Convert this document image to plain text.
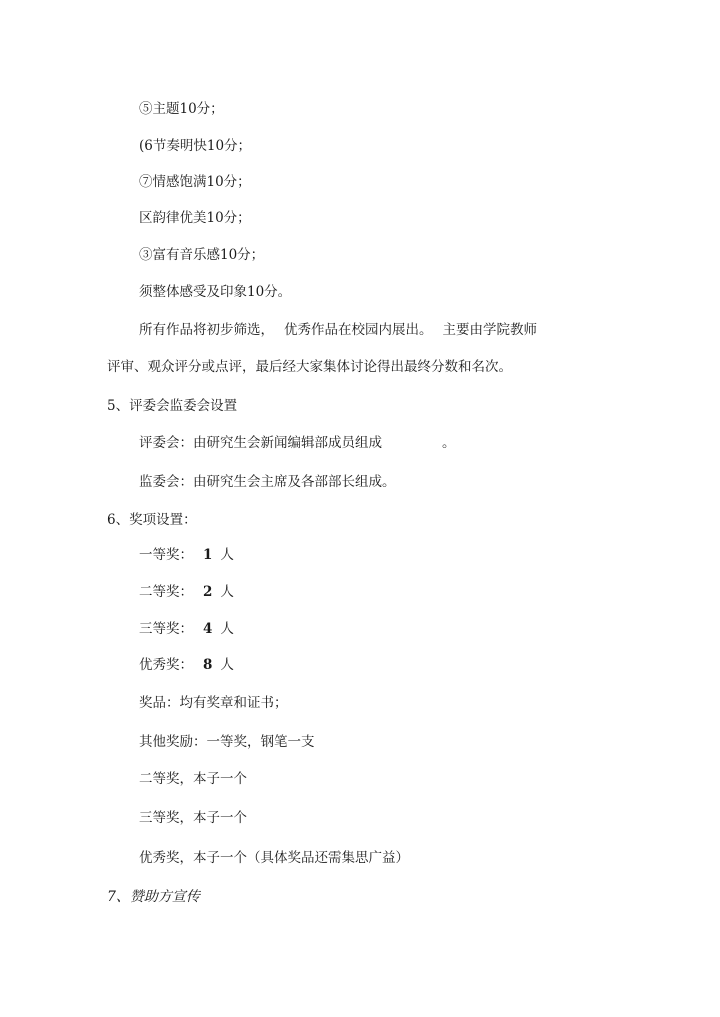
⑤主题10分；
(6节奏明快10分；
⑦情感饱满10分；
区韵律优美10分；
③富有音乐感10分；
须整体感受及印象10分。
所有作品将初步筛选， 优秀作品在校园内展出。 主要由学院教师
评审、观众评分或点评，最后经大家集体讨论得出最终分数和名次。
5、评委会监委会设置
评委会：由研究生会新闻编辑部成员组成	。
监委会：由研究生会主席及各部部长组成。
6、奖项设置：
一等奖： 1 人
二等奖： 2 人
三等奖： 4 人
优秀奖： 8 人
奖品：均有奖章和证书；
其他奖励：一等奖，钢笔一支
二等奖，本子一个
三等奖，本子一个
优秀奖，本子一个（具体奖品还需集思广益）
7、赞助方宣传
